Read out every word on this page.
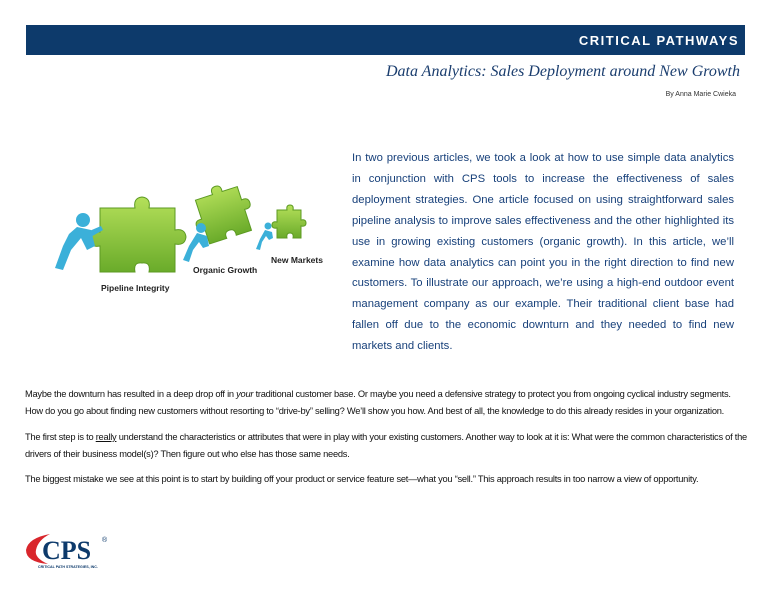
CRITICAL PATHWAYS
Data Analytics: Sales Deployment around New Growth
By Anna Marie Cwieka
Pipeline Integrity
Organic Growth
New Markets
In two previous articles, we took a look at how to use simple data analytics in conjunction with CPS tools to increase the effectiveness of sales deployment strategies. One article focused on using straightforward sales pipeline analysis to improve sales effectiveness and the other highlighted its use in growing existing customers (organic growth). In this article, we’ll examine how data analytics can point you in the right direction to find new customers. To illustrate our approach, we’re using a high-end outdoor event management company as our example. Their traditional client base had fallen off due to the economic downturn and they needed to find new markets and clients.

Maybe the downturn has resulted in a deep drop off in your traditional customer base. Or maybe you need a defensive strategy to protect you from ongoing cyclical industry segments. How do you go about finding new customers without resorting to “drive-by” selling? We’ll show you how. And best of all, the knowledge to do this already resides in your organization.

The first step is to really understand the characteristics or attributes that were in play with your existing customers. Another way to look at it is: What were the common characteristics of the drivers of their business model(s)? Then figure out who else has those same needs.

The biggest mistake we see at this point is to start by building off your product or service feature set—what you “sell.” This approach results in too narrow a view of opportunity.

CPS ®
CRITICAL PATH STRATEGIES, INC.
